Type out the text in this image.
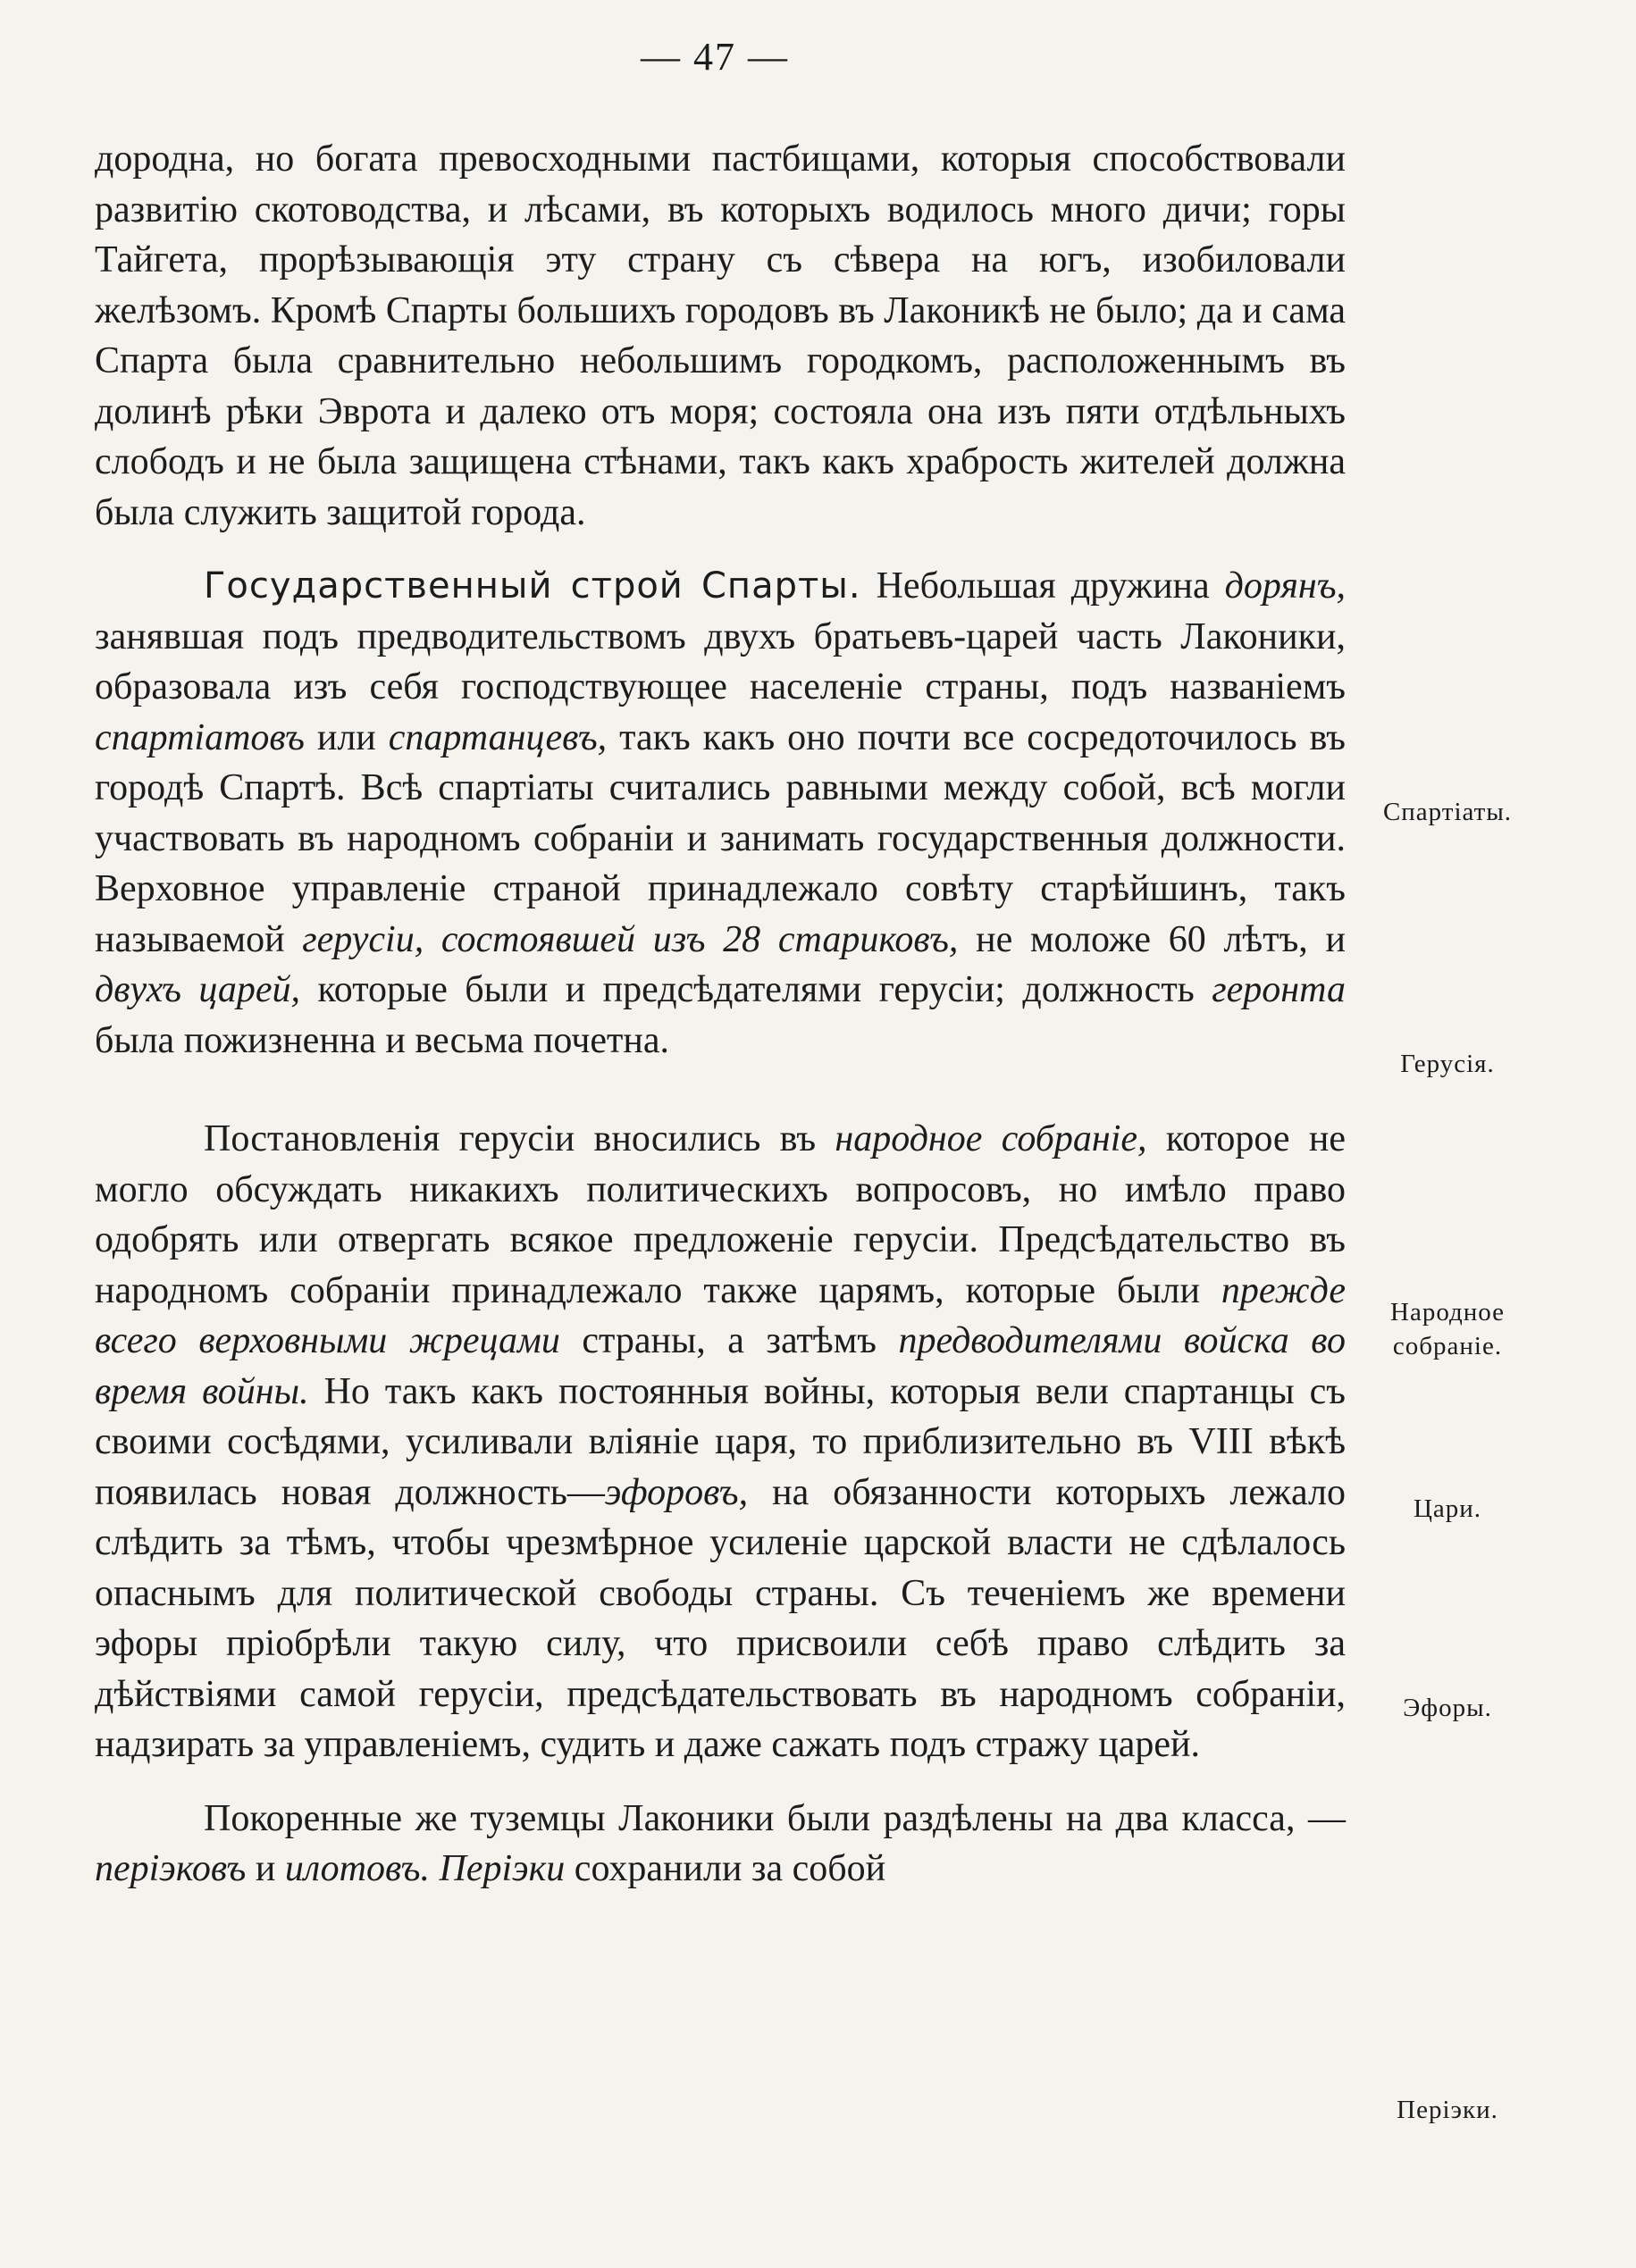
— 47 —

дородна, но богата превосходными пастбищами, которыя способствовали развитію скотоводства, и лѣсами, въ которыхъ водилось много дичи; горы Тайгета, прорѣзывающія эту страну съ сѣвера на югъ, изобиловали желѣзомъ. Кромѣ Спарты большихъ городовъ въ Лаконикѣ не было; да и сама Спарта была сравнительно небольшимъ городкомъ, расположеннымъ въ долинѣ рѣки Эврота и далеко отъ моря; состояла она изъ пяти отдѣльныхъ слободъ и не была защищена стѣнами, такъ какъ храбрость жителей должна была служить защитой города.

Государственный строй Спарты. Небольшая дружина дорянъ, занявшая подъ предводительствомъ двухъ братьевъ-царей часть Лаконики, образовала изъ себя господствующее населеніе страны, подъ названіемъ спартіатовъ или спартанцевъ, такъ какъ оно почти все сосредоточилось въ городѣ Спартѣ. Всѣ спартіаты считались равными между собой, всѣ могли участвовать въ народномъ собраніи и занимать государственныя должности. Верховное управленіе страной принадлежало совѣту старѣйшинъ, такъ называемой герусіи, состоявшей изъ 28 стариковъ, не моложе 60 лѣтъ, и двухъ царей, которые были и предсѣдателями герусіи; должность геронта была пожизненна и весьма почетна.

Постановленія герусіи вносились въ народное собраніе, которое не могло обсуждать никакихъ политическихъ вопросовъ, но имѣло право одобрять или отвергать всякое предложеніе герусіи. Предсѣдательство въ народномъ собраніи принадлежало также царямъ, которые были прежде всего верховными жрецами страны, а затѣмъ предводителями войска во время войны. Но такъ какъ постоянныя войны, которыя вели спартанцы съ своими сосѣдями, усиливали вліяніе царя, то приблизительно въ VIII вѣкѣ появилась новая должность—эфоровъ, на обязанности которыхъ лежало слѣдить за тѣмъ, чтобы чрезмѣрное усиленіе царской власти не сдѣлалось опаснымъ для политической свободы страны. Съ теченіемъ же времени эфоры пріобрѣли такую силу, что присвоили себѣ право слѣдить за дѣйствіями самой герусіи, предсѣдательствовать въ народномъ собраніи, надзирать за управленіемъ, судить и даже сажать подъ стражу царей.

Покоренные же туземцы Лаконики были раздѣлены на два класса, — періэковъ и илотовъ. Періэки сохранили за собой

Спартіаты.
Герусія.
Народное собраніе.
Цари.
Эфоры.
Періэки.
